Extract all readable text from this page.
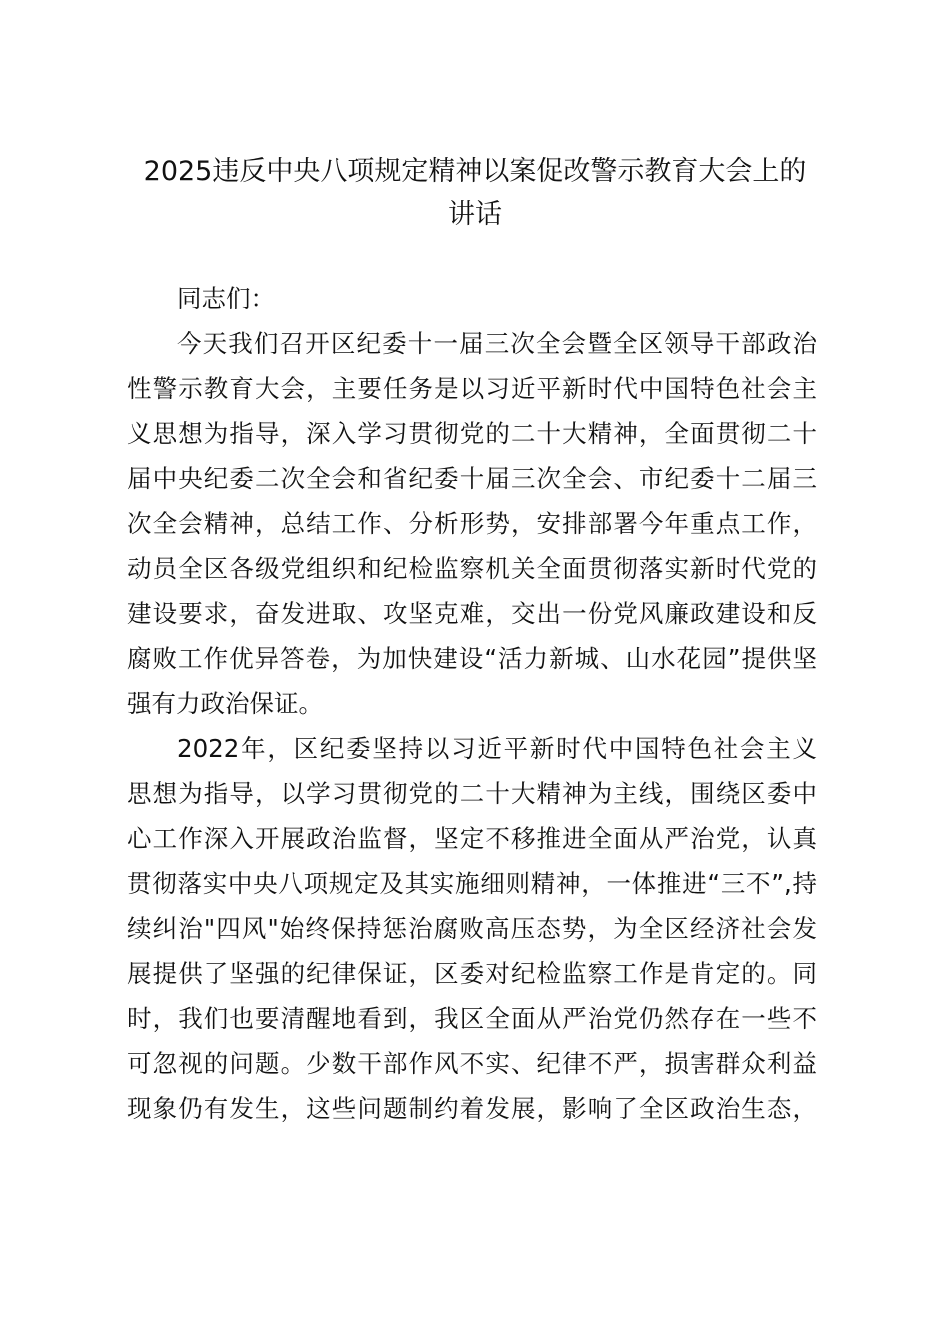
2025违反中央八项规定精神以案促改警示教育大会上的
讲话
同志们：
今天我们召开区纪委十一届三次全会暨全区领导干部政治
性警示教育大会，主要任务是以习近平新时代中国特色社会主
义思想为指导，深入学习贯彻党的二十大精神，全面贯彻二十
届中央纪委二次全会和省纪委十届三次全会、市纪委十二届三
次全会精神，总结工作、分析形势，安排部署今年重点工作，
动员全区各级党组织和纪检监察机关全面贯彻落实新时代党的
建设要求，奋发进取、攻坚克难，交出一份党风廉政建设和反
腐败工作优异答卷，为加快建设“活力新城、山水花园”提供坚
强有力政治保证。
2022年，区纪委坚持以习近平新时代中国特色社会主义
思想为指导，以学习贯彻党的二十大精神为主线，围绕区委中
心工作深入开展政治监督，坚定不移推进全面从严治党，认真
贯彻落实中央八项规定及其实施细则精神，一体推进“三不”,持
续纠治"四风"始终保持惩治腐败高压态势，为全区经济社会发
展提供了坚强的纪律保证，区委对纪检监察工作是肯定的。同
时，我们也要清醒地看到，我区全面从严治党仍然存在一些不
可忽视的问题。少数干部作风不实、纪律不严，损害群众利益
现象仍有发生，这些问题制约着发展，影响了全区政治生态，
